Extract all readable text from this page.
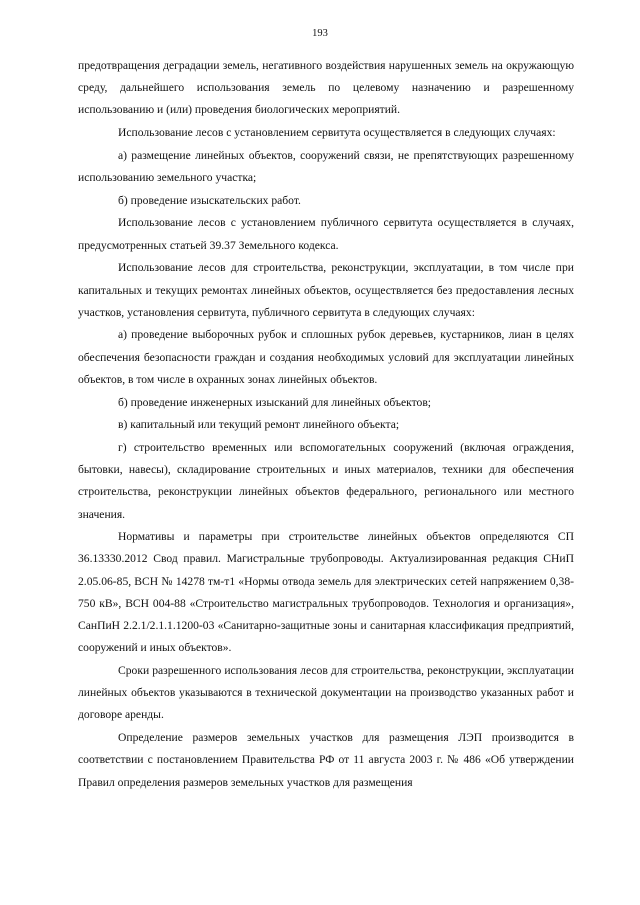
193

предотвращения деградации земель, негативного воздействия нарушенных земель на окружающую среду, дальнейшего использования земель по целевому назначению и разрешенному использованию и (или) проведения биологических мероприятий.

Использование лесов с установлением сервитута осуществляется в следующих случаях:

а) размещение линейных объектов, сооружений связи, не препятствующих разрешенному использованию земельного участка;

б) проведение изыскательских работ.

Использование лесов с установлением публичного сервитута осуществляется в случаях, предусмотренных статьей 39.37 Земельного кодекса.

Использование лесов для строительства, реконструкции, эксплуатации, в том числе при капитальных и текущих ремонтах линейных объектов, осуществляется без предоставления лесных участков, установления сервитута, публичного сервитута в следующих случаях:

а) проведение выборочных рубок и сплошных рубок деревьев, кустарников, лиан в целях обеспечения безопасности граждан и создания необходимых условий для эксплуатации линейных объектов, в том числе в охранных зонах линейных объектов.

б) проведение инженерных изысканий для линейных объектов;

в) капитальный или текущий ремонт линейного объекта;

г) строительство временных или вспомогательных сооружений (включая ограждения, бытовки, навесы), складирование строительных и иных материалов, техники для обеспечения строительства, реконструкции линейных объектов федерального, регионального или местного значения.

Нормативы и параметры при строительстве линейных объектов определяются СП 36.13330.2012 Свод правил. Магистральные трубопроводы. Актуализированная редакция СНиП 2.05.06-85, ВСН № 14278 тм-т1 «Нормы отвода земель для электрических сетей напряжением 0,38-750 кВ», ВСН 004-88 «Строительство магистральных трубопроводов. Технология и организация», СанПиН 2.2.1/2.1.1.1200-03 «Санитарно-защитные зоны и санитарная классификация предприятий, сооружений и иных объектов».

Сроки разрешенного использования лесов для строительства, реконструкции, эксплуатации линейных объектов указываются в технической документации на производство указанных работ и договоре аренды.

Определение размеров земельных участков для размещения ЛЭП производится в соответствии с постановлением Правительства РФ от 11 августа 2003 г. № 486 «Об утверждении Правил определения размеров земельных участков для размещения
